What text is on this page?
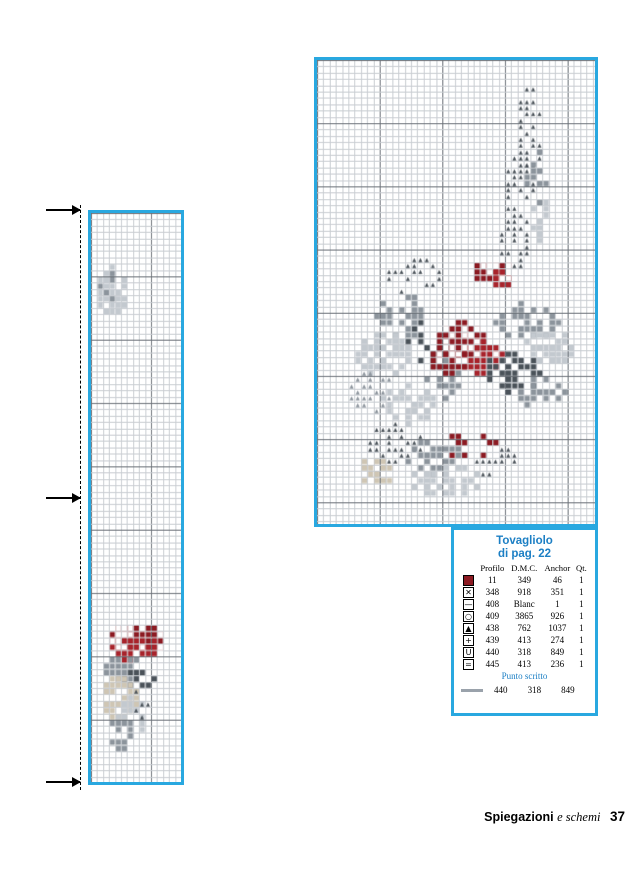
Tovagliolo
di pag. 22
	Profilo	D.M.C.	Anchor	Qt.
	11	349	46	1
✕	348	918	351	1
—	408	Blanc	1	1
○	409	3865	926	1
▲	438	762	1037	1
+	439	413	274	1
U	440	318	849	1
=	445	413	236	1
Punto scritto
	440	318	849	
Spiegazioni e schemi 37
